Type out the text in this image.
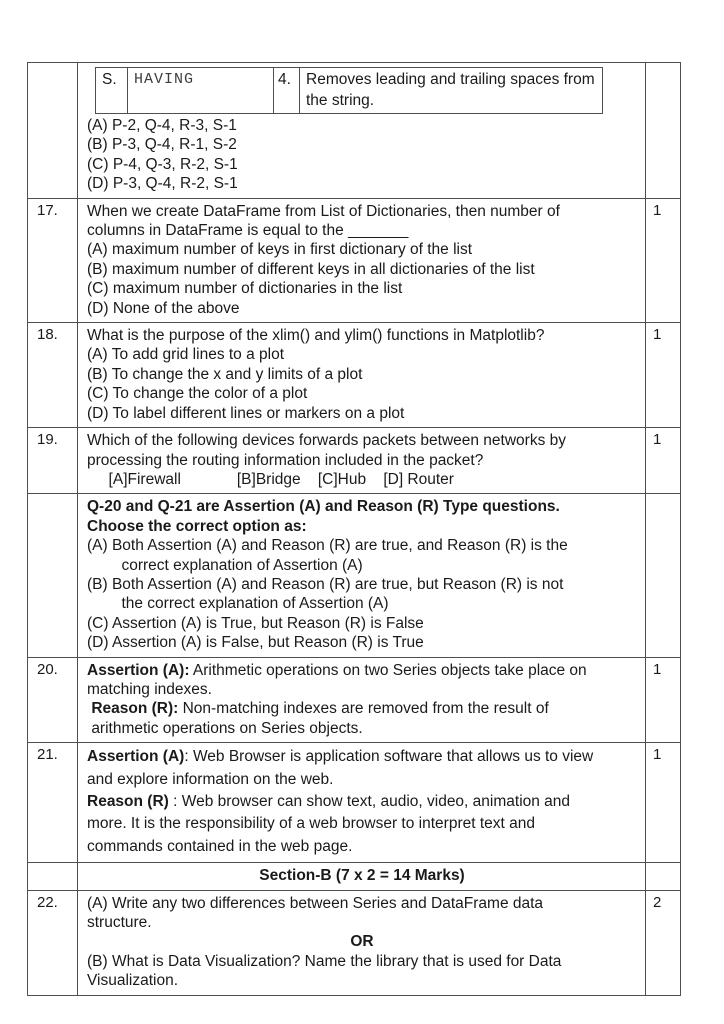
S.	HAVING	4. Removes leading and trailing spaces from the string.
(A) P-2, Q-4, R-3, S-1
(B) P-3, Q-4, R-1, S-2
(C) P-4, Q-3, R-2, S-1
(D) P-3, Q-4, R-2, S-1
17.	When we create DataFrame from List of Dictionaries, then number of
columns in DataFrame is equal to the _______
(A) maximum number of keys in first dictionary of the list
(B) maximum number of different keys in all dictionaries of the list
(C) maximum number of dictionaries in the list
(D) None of the above
1
18.	What is the purpose of the xlim() and ylim() functions in Matplotlib?
(A) To add grid lines to a plot
(B) To change the x and y limits of a plot
(C) To change the color of a plot
(D) To label different lines or markers on a plot
1
19.	Which of the following devices forwards packets between networks by
processing the routing information included in the packet?
[A]Firewall             [B]Bridge    [C]Hub    [D] Router
1
Q-20 and Q-21 are Assertion (A) and Reason (R) Type questions.
Choose the correct option as:
(A) Both Assertion (A) and Reason (R) are true, and Reason (R) is the
correct explanation of Assertion (A)
(B) Both Assertion (A) and Reason (R) are true, but Reason (R) is not
the correct explanation of Assertion (A)
(C) Assertion (A) is True, but Reason (R) is False
(D) Assertion (A) is False, but Reason (R) is True
20.	Assertion (A): Arithmetic operations on two Series objects take place on
matching indexes.
Reason (R): Non-matching indexes are removed from the result of
arithmetic operations on Series objects.
1
21.	Assertion (A): Web Browser is application software that allows us to view
and explore information on the web.
Reason (R) : Web browser can show text, audio, video, animation and
more. It is the responsibility of a web browser to interpret text and
commands contained in the web page.
1
Section-B (7 x 2 = 14 Marks)
22.	(A) Write any two differences between Series and DataFrame data
structure.
OR
(B) What is Data Visualization? Name the library that is used for Data
Visualization.
2
